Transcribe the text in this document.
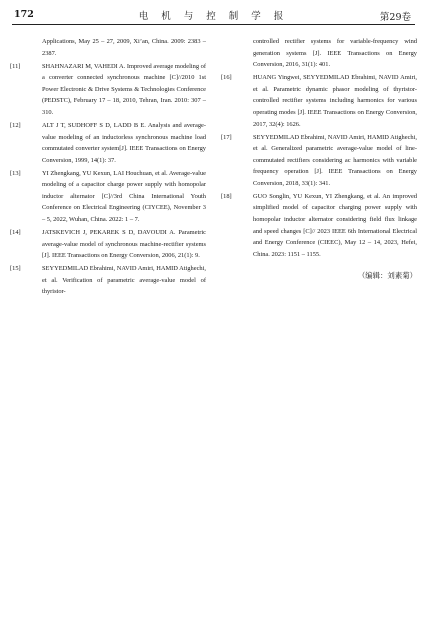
172	电 机 与 控 制 学 报	第29卷

Applications, May 25 – 27, 2009, Xi’an, China. 2009: 2383 – 2387.

[11]	SHAHNAZARI M, VAHEDI A. Improved average modeling of a converter connected synchronous machine [C]//2010 1st Power Electronic & Drive Systems & Technologies Conference (PEDSTC), February 17 – 18, 2010, Tehran, Iran. 2010: 307 – 310.

[12]	ALT J T, SUDHOFF S D, LADD B E. Analysis and average-value modeling of an inductorless synchronous machine load commutated converter system[J]. IEEE Transactions on Energy Conversion, 1999, 14(1): 37.

[13]	YI Zhengkang, YU Kexun, LAI Houchuan, et al. Average-value modeling of a capacitor charge power supply with homopolar inductor alternator [C]//3rd China International Youth Conference on Electrical Engineering (CIYCEE), November 3 – 5, 2022, Wuhan, China. 2022: 1 – 7.

[14]	JATSKEVICH J, PEKAREK S D, DAVOUDI A. Parametric average-value model of synchronous machine-rectifier systems [J]. IEEE Transactions on Energy Conversion, 2006, 21(1): 9.

[15]	SEYYEDMILAD Ebrahimi, NAVID Amiri, HAMID Atighechi, et al. Verification of parametric average-value model of thyristor-

controlled rectifier systems for variable-frequency wind generation systems [J]. IEEE Transactions on Energy Conversion, 2016, 31(1): 401.

[16]	HUANG Yingwei, SEYYEDMILAD Ebrahimi, NAVID Amiri, et al. Parametric dynamic phasor modeling of thyristor-controlled rectifier systems including harmonics for various operating modes [J]. IEEE Transactions on Energy Conversion, 2017, 32(4): 1626.

[17]	SEYYEDMILAD Ebrahimi, NAVID Amiri, HAMID Atighechi, et al. Generalized parametric average-value model of line-commutated rectifiers considering ac harmonics with variable frequency operation [J]. IEEE Transactions on Energy Conversion, 2018, 33(1): 341.

[18]	GUO Songlin, YU Kexun, YI Zhengkang, et al. An improved simplified model of capacitor charging power supply with homopolar inductor alternator considering field flux linkage and speed changes [C]// 2023 IEEE 6th International Electrical and Energy Conference (CIEEC), May 12 – 14, 2023, Hefei, China. 2023: 1151 – 1155.

（编辑：刘素菊）
